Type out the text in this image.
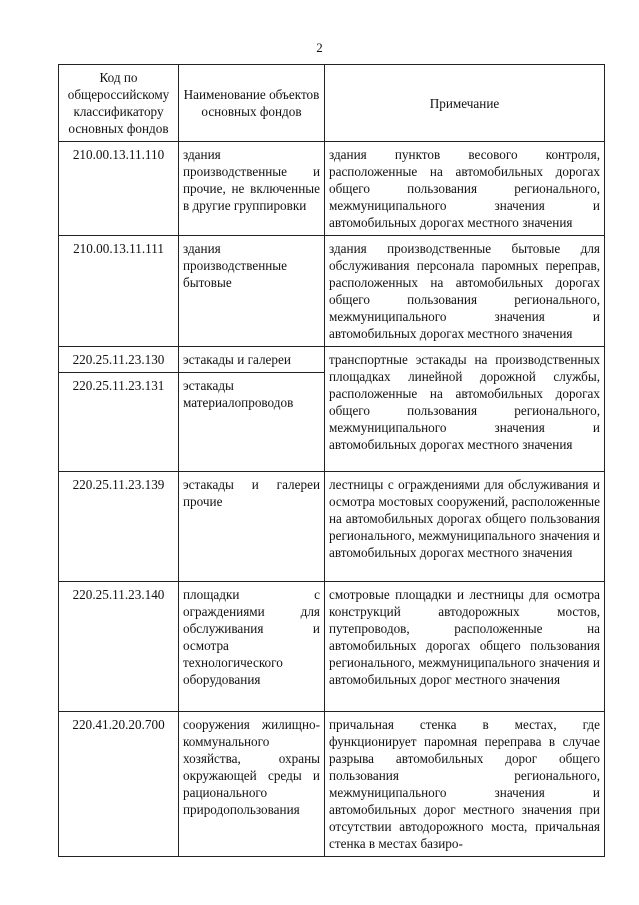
2
Код по общероссийскому классификатору основных фондов	Наименование объектов основных фондов	Примечание
210.00.13.11.110	здания производственные и прочие, не включенные в другие группировки	здания пунктов весового контроля, расположенные на автомобильных дорогах общего пользования регионального, межмуниципального значения и автомобильных дорогах местного значения
210.00.13.11.111	здания производственные бытовые	здания производственные бытовые для обслуживания персонала паромных переправ, расположенных на автомобильных дорогах общего пользования регионального, межмуниципального значения и автомобильных дорогах местного значения
220.25.11.23.130	эстакады и галереи	транспортные эстакады на производственных площадках линейной дорожной службы, расположенные на автомобильных дорогах общего пользования регионального, межмуниципального значения и автомобильных дорогах местного значения
220.25.11.23.131	эстакады материалопроводов	
220.25.11.23.139	эстакады и галереи прочие	лестницы с ограждениями для обслуживания и осмотра мостовых сооружений, расположенные на автомобильных дорогах общего пользования регионального, межмуниципального значения и автомобильных дорогах местного значения
220.25.11.23.140	площадки с ограждениями для обслуживания и осмотра технологического оборудования	смотровые площадки и лестницы для осмотра конструкций автодорожных мостов, путепроводов, расположенные на автомобильных дорогах общего пользования регионального, межмуниципального значения и автомобильных дорог местного значения
220.41.20.20.700	сооружения жилищно-коммунального хозяйства, охраны окружающей среды и рационального природопользования	причальная стенка в местах, где функционирует паромная переправа в случае разрыва автомобильных дорог общего пользования регионального, межмуниципального значения и автомобильных дорог местного значения при отсутствии автодорожного моста, причальная стенка в местах базиро-
